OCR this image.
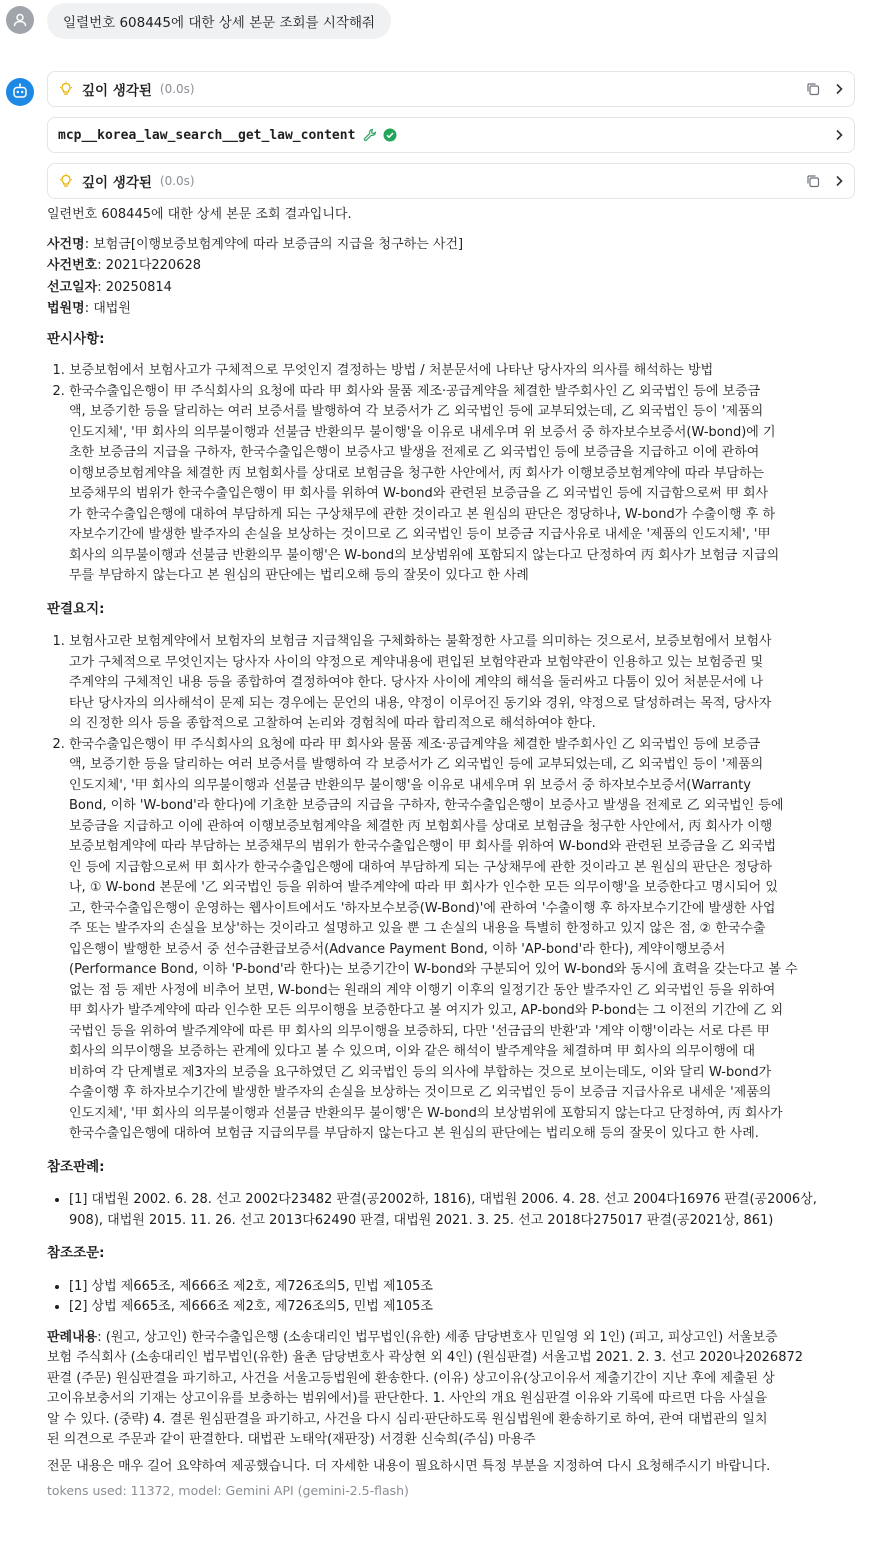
일렬번호 608445에 대한 상세 본문 조회를 시작해줘
깊이 생각된 (0.0s)
mcp__korea_law_search__get_law_content
깊이 생각된 (0.0s)

일련번호 608445에 대한 상세 본문 조회 결과입니다.

사건명: 보험금[이행보증보험계약에 따라 보증금의 지급을 청구하는 사건]
사건번호: 2021다220628
선고일자: 20250814
법원명: 대법원
판시사항:
1. 보증보험에서 보험사고가 구체적으로 무엇인지 결정하는 방법 / 처분문서에 나타난 당사자의 의사를 해석하는 방법
2. 한국수출입은행이 甲 주식회사의 요청에 따라 甲 회사와 물품 제조·공급계약을 체결한 발주회사인 乙 외국법인 등에 보증금
액, 보증기한 등을 달리하는 여러 보증서를 발행하여 각 보증서가 乙 외국법인 등에 교부되었는데, 乙 외국법인 등이 '제품의
인도지체', '甲 회사의 의무불이행과 선불금 반환의무 불이행'을 이유로 내세우며 위 보증서 중 하자보수보증서(W-bond)에 기
초한 보증금의 지급을 구하자, 한국수출입은행이 보증사고 발생을 전제로 乙 외국법인 등에 보증금을 지급하고 이에 관하여
이행보증보험계약을 체결한 丙 보험회사를 상대로 보험금을 청구한 사안에서, 丙 회사가 이행보증보험계약에 따라 부담하는
보증채무의 범위가 한국수출입은행이 甲 회사를 위하여 W-bond와 관련된 보증금을 乙 외국법인 등에 지급함으로써 甲 회사
가 한국수출입은행에 대하여 부담하게 되는 구상채무에 관한 것이라고 본 원심의 판단은 정당하나, W-bond가 수출이행 후 하
자보수기간에 발생한 발주자의 손실을 보상하는 것이므로 乙 외국법인 등이 보증금 지급사유로 내세운 '제품의 인도지체', '甲
회사의 의무불이행과 선불금 반환의무 불이행'은 W-bond의 보상범위에 포함되지 않는다고 단정하여 丙 회사가 보험금 지급의
무를 부담하지 않는다고 본 원심의 판단에는 법리오해 등의 잘못이 있다고 한 사례
판결요지:
1. 보험사고란 보험계약에서 보험자의 보험금 지급책임을 구체화하는 불확정한 사고를 의미하는 것으로서, 보증보험에서 보험사
고가 구체적으로 무엇인지는 당사자 사이의 약정으로 계약내용에 편입된 보험약관과 보험약관이 인용하고 있는 보험증권 및
주계약의 구체적인 내용 등을 종합하여 결정하여야 한다. 당사자 사이에 계약의 해석을 둘러싸고 다툼이 있어 처분문서에 나
타난 당사자의 의사해석이 문제 되는 경우에는 문언의 내용, 약정이 이루어진 동기와 경위, 약정으로 달성하려는 목적, 당사자
의 진정한 의사 등을 종합적으로 고찰하여 논리와 경험칙에 따라 합리적으로 해석하여야 한다.
2. 한국수출입은행이 甲 주식회사의 요청에 따라 甲 회사와 물품 제조·공급계약을 체결한 발주회사인 乙 외국법인 등에 보증금
액, 보증기한 등을 달리하는 여러 보증서를 발행하여 각 보증서가 乙 외국법인 등에 교부되었는데, 乙 외국법인 등이 '제품의
인도지체', '甲 회사의 의무불이행과 선불금 반환의무 불이행'을 이유로 내세우며 위 보증서 중 하자보수보증서(Warranty
Bond, 이하 'W-bond'라 한다)에 기초한 보증금의 지급을 구하자, 한국수출입은행이 보증사고 발생을 전제로 乙 외국법인 등에
보증금을 지급하고 이에 관하여 이행보증보험계약을 체결한 丙 보험회사를 상대로 보험금을 청구한 사안에서, 丙 회사가 이행
보증보험계약에 따라 부담하는 보증채무의 범위가 한국수출입은행이 甲 회사를 위하여 W-bond와 관련된 보증금을 乙 외국법
인 등에 지급함으로써 甲 회사가 한국수출입은행에 대하여 부담하게 되는 구상채무에 관한 것이라고 본 원심의 판단은 정당하
나, ① W-bond 본문에 '乙 외국법인 등을 위하여 발주계약에 따라 甲 회사가 인수한 모든 의무이행'을 보증한다고 명시되어 있
고, 한국수출입은행이 운영하는 웹사이트에서도 '하자보수보증(W-Bond)'에 관하여 '수출이행 후 하자보수기간에 발생한 사업
주 또는 발주자의 손실을 보상'하는 것이라고 설명하고 있을 뿐 그 손실의 내용을 특별히 한정하고 있지 않은 점, ② 한국수출
입은행이 발행한 보증서 중 선수금환급보증서(Advance Payment Bond, 이하 'AP-bond'라 한다), 계약이행보증서
(Performance Bond, 이하 'P-bond'라 한다)는 보증기간이 W-bond와 구분되어 있어 W-bond와 동시에 효력을 갖는다고 볼 수
없는 점 등 제반 사정에 비추어 보면, W-bond는 원래의 계약 이행기 이후의 일정기간 동안 발주자인 乙 외국법인 등을 위하여
甲 회사가 발주계약에 따라 인수한 모든 의무이행을 보증한다고 볼 여지가 있고, AP-bond와 P-bond는 그 이전의 기간에 乙 외
국법인 등을 위하여 발주계약에 따른 甲 회사의 의무이행을 보증하되, 다만 '선금급의 반환'과 '계약 이행'이라는 서로 다른 甲
회사의 의무이행을 보증하는 관계에 있다고 볼 수 있으며, 이와 같은 해석이 발주계약을 체결하며 甲 회사의 의무이행에 대
비하여 각 단계별로 제3자의 보증을 요구하였던 乙 외국법인 등의 의사에 부합하는 것으로 보이는데도, 이와 달리 W-bond가
수출이행 후 하자보수기간에 발생한 발주자의 손실을 보상하는 것이므로 乙 외국법인 등이 보증금 지급사유로 내세운 '제품의
인도지체', '甲 회사의 의무불이행과 선불금 반환의무 불이행'은 W-bond의 보상범위에 포함되지 않는다고 단정하여, 丙 회사가
한국수출입은행에 대하여 보험금 지급의무를 부담하지 않는다고 본 원심의 판단에는 법리오해 등의 잘못이 있다고 한 사례.
참조판례:
• [1] 대법원 2002. 6. 28. 선고 2002다23482 판결(공2002하, 1816), 대법원 2006. 4. 28. 선고 2004다16976 판결(공2006상,
908), 대법원 2015. 11. 26. 선고 2013다62490 판결, 대법원 2021. 3. 25. 선고 2018다275017 판결(공2021상, 861)
참조조문:
• [1] 상법 제665조, 제666조 제2호, 제726조의5, 민법 제105조
• [2] 상법 제665조, 제666조 제2호, 제726조의5, 민법 제105조
판례내용: (원고, 상고인) 한국수출입은행 (소송대리인 법무법인(유한) 세종 담당변호사 민일영 외 1인) (피고, 피상고인) 서울보증
보험 주식회사 (소송대리인 법무법인(유한) 율촌 담당변호사 곽상현 외 4인) (원심판결) 서울고법 2021. 2. 3. 선고 2020나2026872
판결 (주문) 원심판결을 파기하고, 사건을 서울고등법원에 환송한다. (이유) 상고이유(상고이유서 제출기간이 지난 후에 제출된 상
고이유보충서의 기재는 상고이유를 보충하는 범위에서)를 판단한다. 1. 사안의 개요 원심판결 이유와 기록에 따르면 다음 사실을
알 수 있다. (중략) 4. 결론 원심판결을 파기하고, 사건을 다시 심리·판단하도록 원심법원에 환송하기로 하여, 관여 대법관의 일치
된 의견으로 주문과 같이 판결한다. 대법관 노태악(재판장) 서경환 신숙희(주심) 마용주

전문 내용은 매우 길어 요약하여 제공했습니다. 더 자세한 내용이 필요하시면 특정 부분을 지정하여 다시 요청해주시기 바랍니다.

tokens used: 11372, model: Gemini API (gemini-2.5-flash)
